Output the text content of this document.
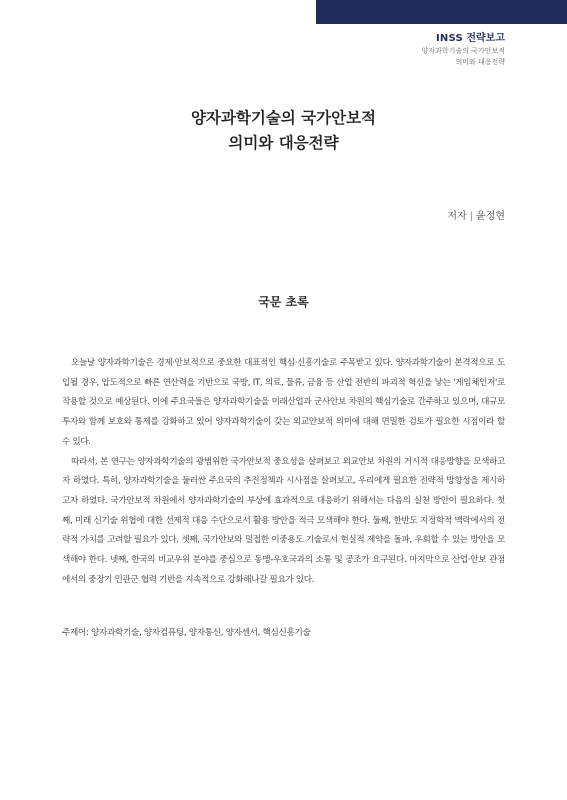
INSS 전략보고
양자과학기술의 국가안보적
의미와 대응전략
양자과학기술의 국가안보적
의미와 대응전략
저자 | 윤정현
국문 초록

오늘날 양자과학기술은 경제·안보적으로 중요한 대표적인 핵심·신흥기술로 주목받고 있다. 양자과학기술이 본격적으로 도입될 경우, 압도적으로 빠른 연산력을 기반으로 국방, IT, 의료, 물류, 금융 등 산업 전반의 파괴적 혁신을 낳는 '게임체인저'로 작용할 것으로 예상된다. 이에 주요국들은 양자과학기술을 미래산업과 군사안보 차원의 핵심기술로 간주하고 있으며, 대규모 투자와 함께 보호와 통제를 강화하고 있어 양자과학기술이 갖는 외교안보적 의미에 대해 면밀한 검토가 필요한 시점이라 할 수 있다.

따라서, 본 연구는 양자과학기술의 광범위한 국가안보적 중요성을 살펴보고 외교안보 차원의 거시적 대응방향을 모색하고자 하였다. 특히, 양자과학기술을 둘러싼 주요국의 추진정책과 시사점을 살펴보고, 우리에게 필요한 전략적 방향성을 제시하고자 하였다. 국가안보적 차원에서 양자과학기술의 부상에 효과적으로 대응하기 위해서는 다음의 실천 방안이 필요하다. 첫째, 미래 신기술 위협에 대한 선제적 대응 수단으로서 활용 방안을 적극 모색해야 한다. 둘째, 한반도 지정학적 맥락에서의 전략적 가치를 고려할 필요가 있다. 셋째, 국가안보와 밀접한 이중용도 기술로서 현실적 제약을 돌파, 우회할 수 있는 방안을 모색해야 한다. 넷째, 한국의 비교우위 분야를 중심으로 동맹-우호국과의 소통 및 공조가 요구된다. 마지막으로 산업·안보 관점에서의 중장기 민관군 협력 기반을 지속적으로 강화해나갈 필요가 있다.

주제어: 양자과학기술, 양자컴퓨팅, 양자통신, 양자센서, 핵심신흥기술
